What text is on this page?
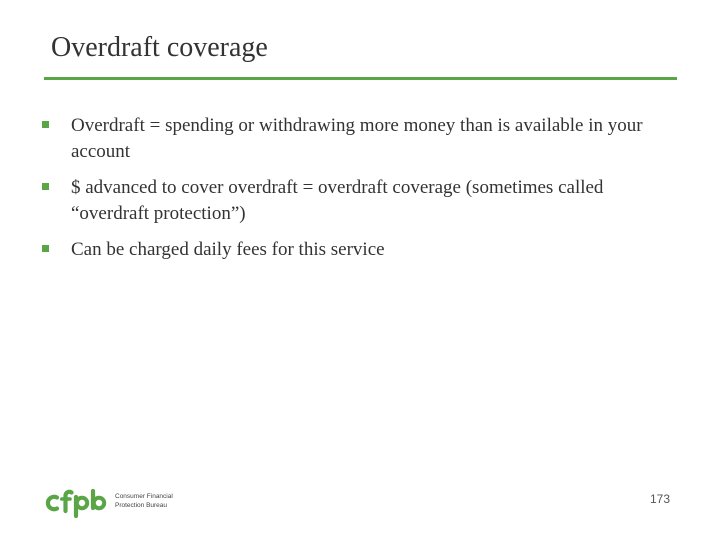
Overdraft coverage
Overdraft = spending or withdrawing more money than is available in your account
$ advanced to cover overdraft = overdraft coverage (sometimes called “overdraft protection”)
Can be charged daily fees for this service
Consumer Financial
Protection Bureau	173
